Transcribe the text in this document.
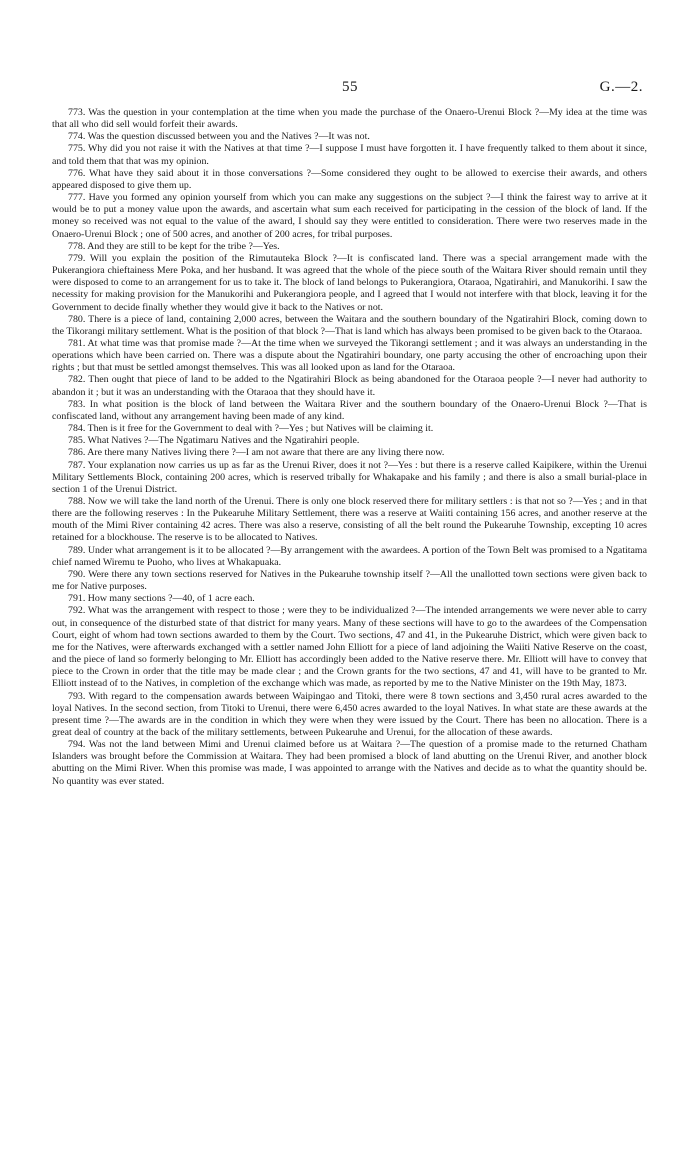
55	G.—2.

773. Was the question in your contemplation at the time when you made the purchase of the Onaero-Urenui Block ?—My idea at the time was that all who did sell would forfeit their awards.

774. Was the question discussed between you and the Natives ?—It was not.

775. Why did you not raise it with the Natives at that time ?—I suppose I must have forgotten it. I have frequently talked to them about it since, and told them that that was my opinion.

776. What have they said about it in those conversations ?—Some considered they ought to be allowed to exercise their awards, and others appeared disposed to give them up.

777. Have you formed any opinion yourself from which you can make any suggestions on the subject ?—I think the fairest way to arrive at it would be to put a money value upon the awards, and ascertain what sum each received for participating in the cession of the block of land. If the money so received was not equal to the value of the award, I should say they were entitled to consideration. There were two reserves made in the Onaero-Urenui Block ; one of 500 acres, and another of 200 acres, for tribal purposes.

778. And they are still to be kept for the tribe ?—Yes.

779. Will you explain the position of the Rimutauteka Block ?—It is confiscated land. There was a special arrangement made with the Pukerangiora chieftainess Mere Poka, and her husband. It was agreed that the whole of the piece south of the Waitara River should remain until they were disposed to come to an arrangement for us to take it. The block of land belongs to Pukerangiora, Otaraoa, Ngatirahiri, and Manukorihi. I saw the necessity for making provision for the Manukorihi and Pukerangiora people, and I agreed that I would not interfere with that block, leaving it for the Government to decide finally whether they would give it back to the Natives or not.

780. There is a piece of land, containing 2,000 acres, between the Waitara and the southern boundary of the Ngatirahiri Block, coming down to the Tikorangi military settlement. What is the position of that block ?—That is land which has always been promised to be given back to the Otaraoa.

781. At what time was that promise made ?—At the time when we surveyed the Tikorangi settlement ; and it was always an understanding in the operations which have been carried on. There was a dispute about the Ngatirahiri boundary, one party accusing the other of encroaching upon their rights ; but that must be settled amongst themselves. This was all looked upon as land for the Otaraoa.

782. Then ought that piece of land to be added to the Ngatirahiri Block as being abandoned for the Otaraoa people ?—I never had authority to abandon it ; but it was an understanding with the Otaraoa that they should have it.

783. In what position is the block of land between the Waitara River and the southern boundary of the Onaero-Urenui Block ?—That is confiscated land, without any arrangement having been made of any kind.

784. Then is it free for the Government to deal with ?—Yes ; but Natives will be claiming it.

785. What Natives ?—The Ngatimaru Natives and the Ngatirahiri people.

786. Are there many Natives living there ?—I am not aware that there are any living there now.

787. Your explanation now carries us up as far as the Urenui River, does it not ?—Yes : but there is a reserve called Kaipikere, within the Urenui Military Settlements Block, containing 200 acres, which is reserved tribally for Whakapake and his family ; and there is also a small burial-place in section 1 of the Urenui District.

788. Now we will take the land north of the Urenui. There is only one block reserved there for military settlers : is that not so ?—Yes ; and in that there are the following reserves : In the Pukearuhe Military Settlement, there was a reserve at Waiiti containing 156 acres, and another reserve at the mouth of the Mimi River containing 42 acres. There was also a reserve, consisting of all the belt round the Pukearuhe Township, excepting 10 acres retained for a blockhouse. The reserve is to be allocated to Natives.

789. Under what arrangement is it to be allocated ?—By arrangement with the awardees. A portion of the Town Belt was promised to a Ngatitama chief named Wiremu te Puoho, who lives at Whakapuaka.

790. Were there any town sections reserved for Natives in the Pukearuhe township itself ?—All the unallotted town sections were given back to me for Native purposes.

791. How many sections ?—40, of 1 acre each.

792. What was the arrangement with respect to those ; were they to be individualized ?—The intended arrangements we were never able to carry out, in consequence of the disturbed state of that district for many years. Many of these sections will have to go to the awardees of the Compensation Court, eight of whom had town sections awarded to them by the Court. Two sections, 47 and 41, in the Pukearuhe District, which were given back to me for the Natives, were afterwards exchanged with a settler named John Elliott for a piece of land adjoining the Waiiti Native Reserve on the coast, and the piece of land so formerly belonging to Mr. Elliott has accordingly been added to the Native reserve there. Mr. Elliott will have to convey that piece to the Crown in order that the title may be made clear ; and the Crown grants for the two sections, 47 and 41, will have to be granted to Mr. Elliott instead of to the Natives, in completion of the exchange which was made, as reported by me to the Native Minister on the 19th May, 1873.

793. With regard to the compensation awards between Waipingao and Titoki, there were 8 town sections and 3,450 rural acres awarded to the loyal Natives. In the second section, from Titoki to Urenui, there were 6,450 acres awarded to the loyal Natives. In what state are these awards at the present time ?—The awards are in the condition in which they were when they were issued by the Court. There has been no allocation. There is a great deal of country at the back of the military settlements, between Pukearuhe and Urenui, for the allocation of these awards.

794. Was not the land between Mimi and Urenui claimed before us at Waitara ?—The question of a promise made to the returned Chatham Islanders was brought before the Commission at Waitara. They had been promised a block of land abutting on the Urenui River, and another block abutting on the Mimi River. When this promise was made, I was appointed to arrange with the Natives and decide as to what the quantity should be. No quantity was ever stated.
